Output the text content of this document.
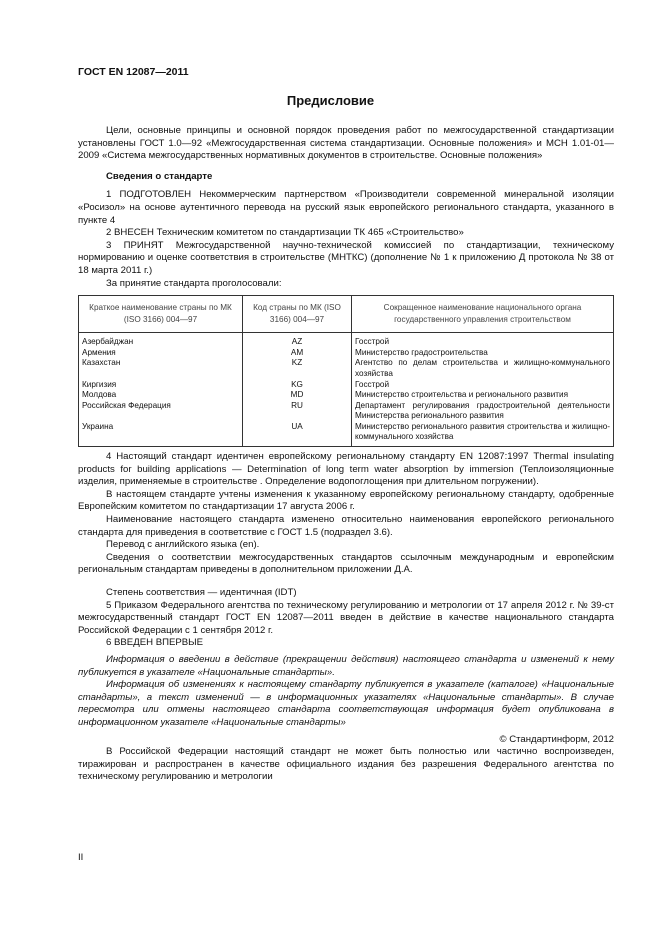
ГОСТ EN 12087—2011
Предисловие

Цели, основные принципы и основной порядок проведения работ по межгосударственной стандартизации установлены ГОСТ 1.0—92 «Межгосударственная система стандартизации. Основные положения» и МСН 1.01-01—2009 «Система межгосударственных нормативных документов в строительстве. Основные положения»

Сведения о стандарте

1 ПОДГОТОВЛЕН Некоммерческим партнерством «Производители современной минеральной изоляции «Росизол» на основе аутентичного перевода на русский язык европейского регионального стандарта, указанного в пункте 4

2 ВНЕСЕН Техническим комитетом по стандартизации ТК 465 «Строительство»

3 ПРИНЯТ Межгосударственной научно-технической комиссией по стандартизации, техническому нормированию и оценке соответствия в строительстве (МНТКС) (дополнение № 1 к приложению Д протокола № 38 от 18 марта 2011 г.)

За принятие стандарта проголосовали:

Краткое наименование страны по МК (ISO 3166) 004—97	Код страны по МК (ISO 3166) 004—97	Сокращенное наименование национального органа государственного управления строительством
Азербайджан	AZ	Госстрой
Армения	AM	Министерство градостроительства
Казахстан	KZ	Агентство по делам строительства и жилищно-коммунального хозяйства
Киргизия	KG	Госстрой
Молдова	MD	Министерство строительства и регионального развития
Российская Федерация	RU	Департамент регулирования градостроительной деятельности Министерства регионального развития
Украина	UA	Министерство регионального развития строительства и жилищно-коммунального хозяйства

4 Настоящий стандарт идентичен европейскому региональному стандарту EN 12087:1997 Thermal insulating products for building applications — Determination of long term water absorption by immersion (Теплоизоляционные изделия, применяемые в строительстве . Определение водопоглощения при длительном погружении).

В настоящем стандарте учтены изменения к указанному европейскому региональному стандарту, одобренные Европейским комитетом по стандартизации 17 августа 2006 г.

Наименование настоящего стандарта изменено относительно наименования европейского регионального стандарта для приведения в соответствие с ГОСТ 1.5 (подраздел 3.6).

Перевод с английского языка (en).

Сведения о соответствии межгосударственных стандартов ссылочным международным и европейским региональным стандартам приведены в дополнительном приложении Д.А.

Степень соответствия — идентичная (IDT)

5 Приказом Федерального агентства по техническому регулированию и метрологии от 17 апреля 2012 г. № 39-ст межгосударственный стандарт ГОСТ EN 12087—2011 введен в действие в качестве национального стандарта Российской Федерации с 1 сентября 2012 г.

6 ВВЕДЕН ВПЕРВЫЕ

Информация о введении в действие (прекращении действия) настоящего стандарта и изменений к нему публикуется в указателе «Национальные стандарты».

Информация об изменениях к настоящему стандарту публикуется в указателе (каталоге) «Национальные стандарты», а текст изменений — в информационных указателях «Национальные стандарты». В случае пересмотра или отмены настоящего стандарта соответствующая информация будет опубликована в информационном указателе «Национальные стандарты»

© Стандартинформ, 2012

В Российской Федерации настоящий стандарт не может быть полностью или частично воспроизведен, тиражирован и распространен в качестве официального издания без разрешения Федерального агентства по техническому регулированию и метрологии

II
